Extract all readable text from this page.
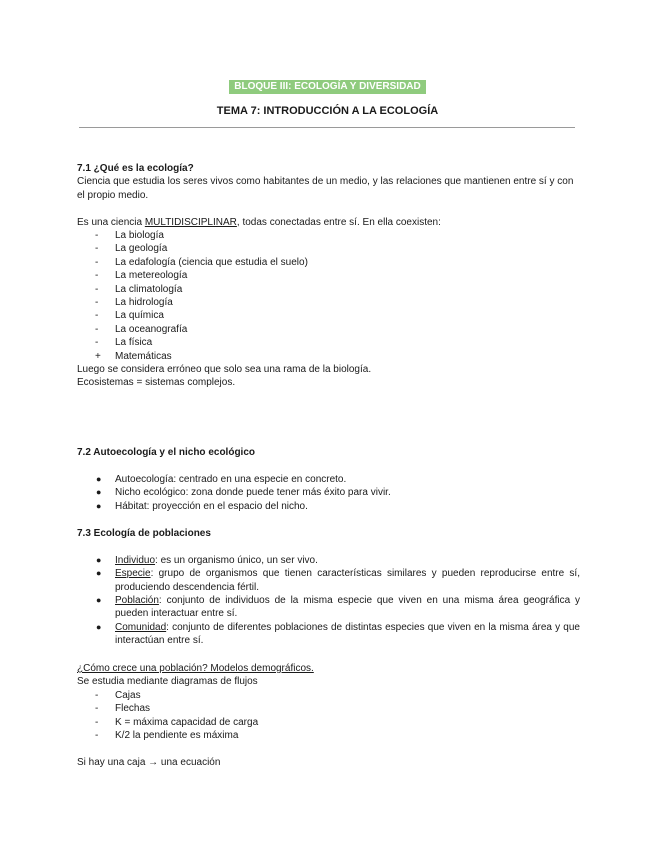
BLOQUE III: ECOLOGÍA Y DIVERSIDAD
TEMA 7: INTRODUCCIÓN A LA ECOLOGÍA

7.1 ¿Qué es la ecología?

Ciencia que estudia los seres vivos como habitantes de un medio, y las relaciones que mantienen entre sí y con el propio medio.

Es una ciencia MULTIDISCIPLINAR, todas conectadas entre sí. En ella coexisten:

- La biología
- La geología
- La edafología (ciencia que estudia el suelo)
- La metereología
- La climatología
- La hidrología
- La química
- La oceanografía
- La física
+ Matemáticas

Luego se considera erróneo que solo sea una rama de la biología.

Ecosistemas = sistemas complejos.

7.2 Autoecología y el nicho ecológico

● Autoecología: centrado en una especie en concreto.
● Nicho ecológico: zona donde puede tener más éxito para vivir.
● Hábitat: proyección en el espacio del nicho.

7.3 Ecología de poblaciones

● Individuo: es un organismo único, un ser vivo.
● Especie: grupo de organismos que tienen características similares y pueden reproducirse entre sí, produciendo descendencia fértil.
● Población: conjunto de individuos de la misma especie que viven en una misma área geográfica y pueden interactuar entre sí.
● Comunidad: conjunto de diferentes poblaciones de distintas especies que viven en la misma área y que interactúan entre sí.

¿Cómo crece una población? Modelos demográficos.

Se estudia mediante diagramas de flujos

- Cajas
- Flechas
- K = máxima capacidad de carga
- K/2 la pendiente es máxima

Si hay una caja → una ecuación
